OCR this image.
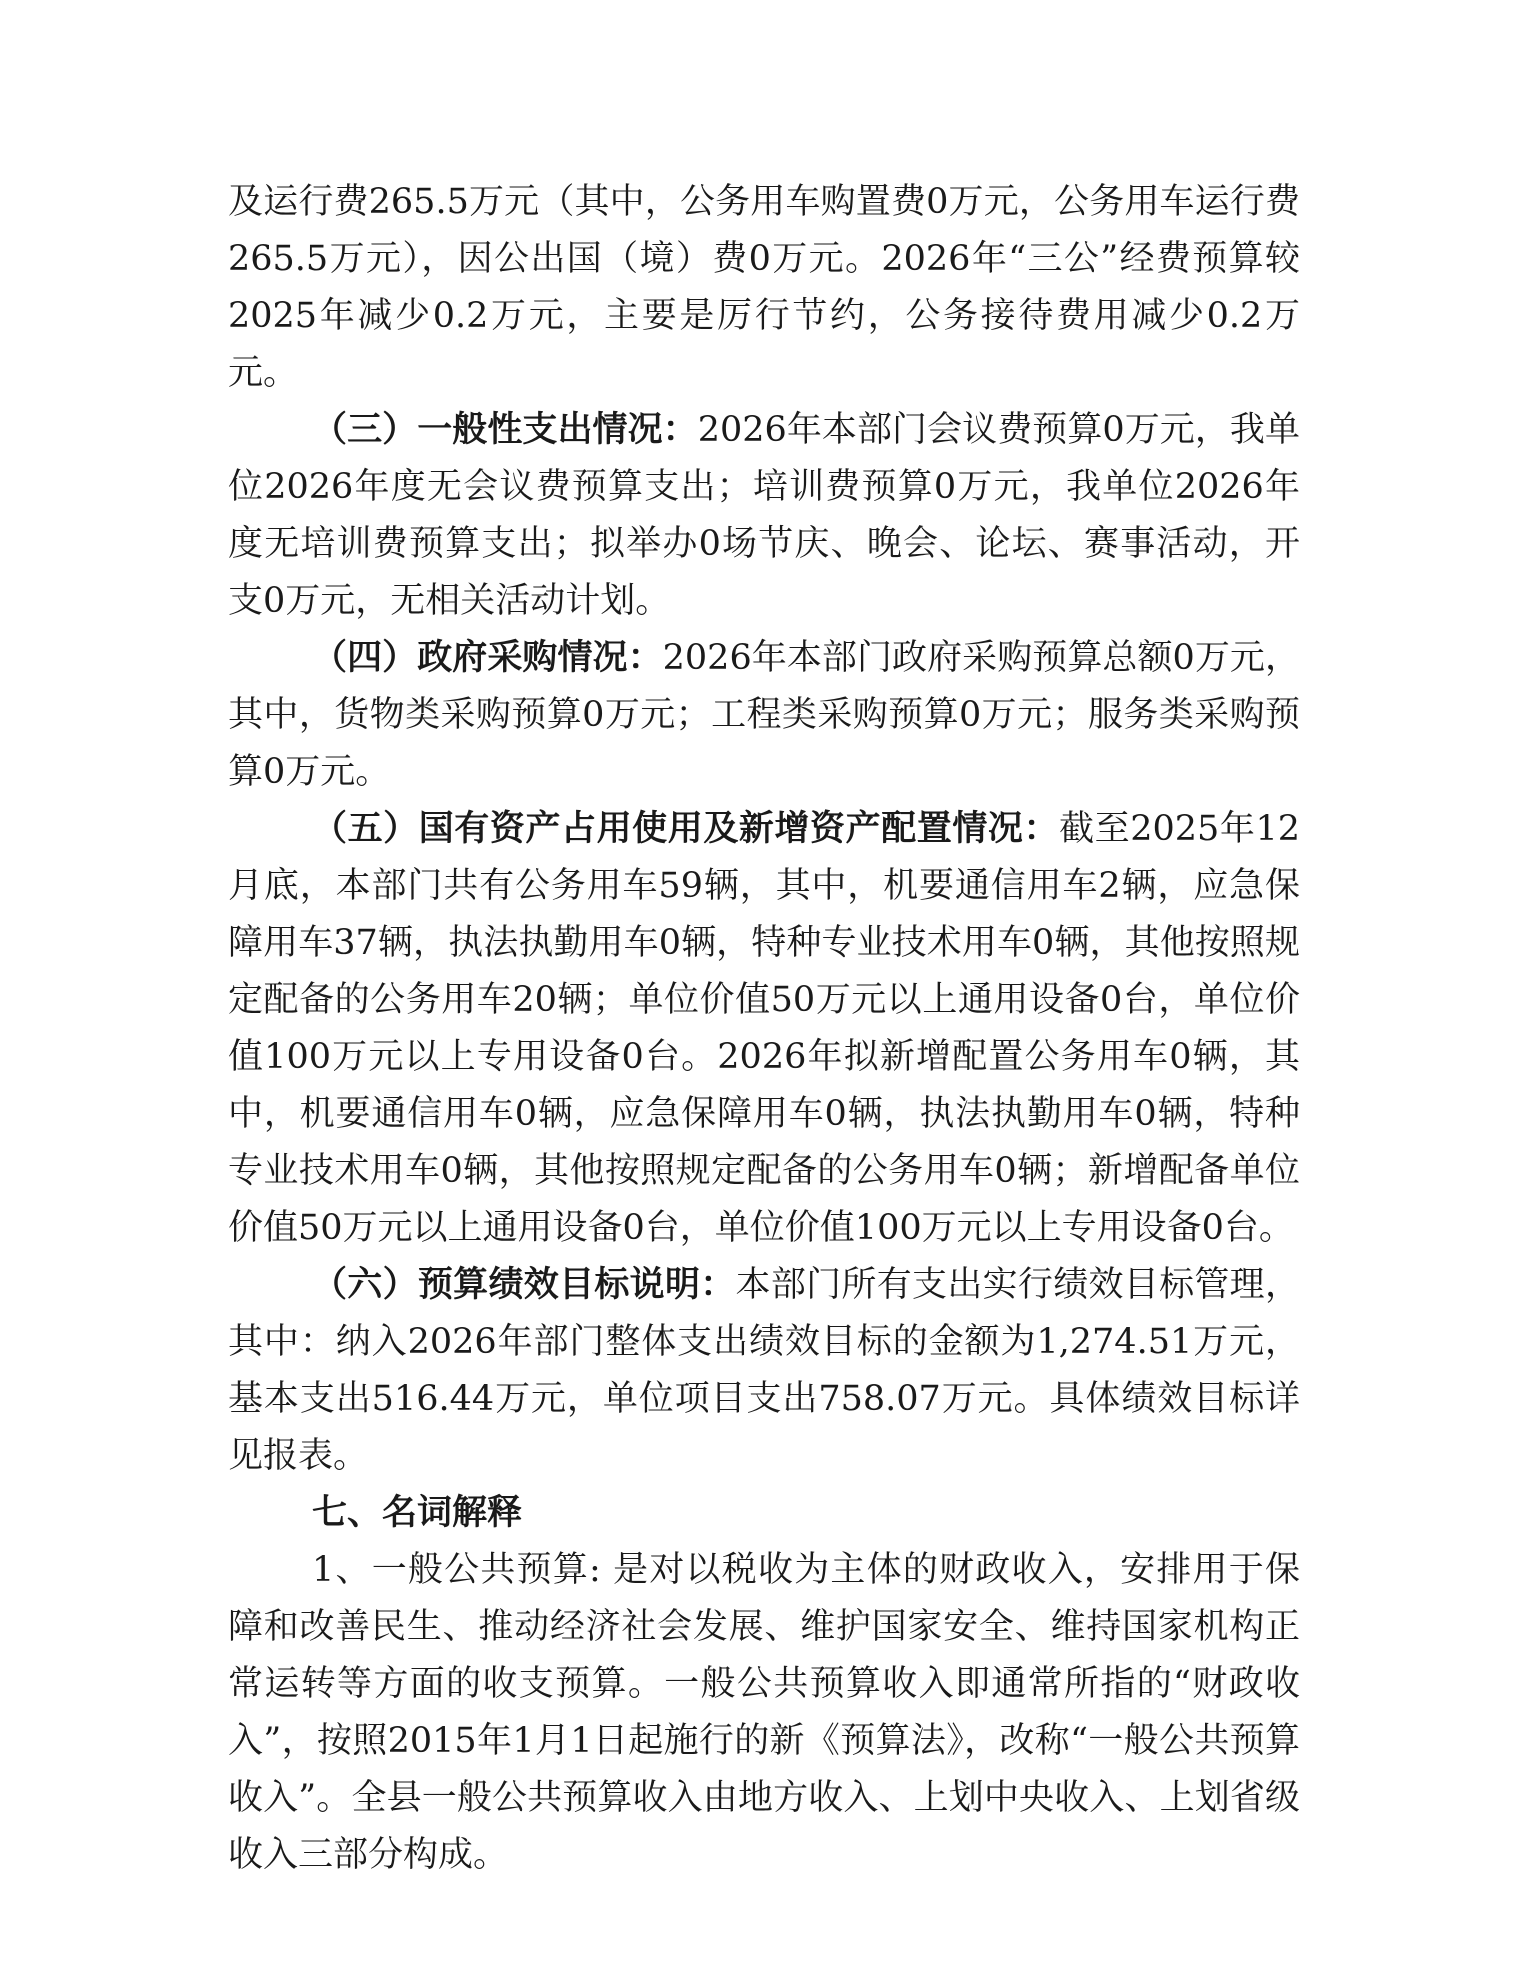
及运行费265.5万元（其中，公务用车购置费0万元，公务用车运行费265.5万元），因公出国（境）费0万元。2026年“三公”经费预算较2025年减少0.2万元，主要是厉行节约，公务接待费用减少0.2万元。

（三）一般性支出情况：2026年本部门会议费预算0万元，我单位2026年度无会议费预算支出；培训费预算0万元，我单位2026年度无培训费预算支出；拟举办0场节庆、晚会、论坛、赛事活动，开支0万元，无相关活动计划。

（四）政府采购情况：2026年本部门政府采购预算总额0万元，其中，货物类采购预算0万元；工程类采购预算0万元；服务类采购预算0万元。

（五）国有资产占用使用及新增资产配置情况：截至2025年12月底，本部门共有公务用车59辆，其中，机要通信用车2辆，应急保障用车37辆，执法执勤用车0辆，特种专业技术用车0辆，其他按照规定配备的公务用车20辆；单位价值50万元以上通用设备0台，单位价值100万元以上专用设备0台。2026年拟新增配置公务用车0辆，其中，机要通信用车0辆，应急保障用车0辆，执法执勤用车0辆，特种专业技术用车0辆，其他按照规定配备的公务用车0辆；新增配备单位价值50万元以上通用设备0台，单位价值100万元以上专用设备0台。

（六）预算绩效目标说明：本部门所有支出实行绩效目标管理，其中：纳入2026年部门整体支出绩效目标的金额为1,274.51万元，基本支出516.44万元，单位项目支出758.07万元。具体绩效目标详见报表。

七、名词解释

1、一般公共预算: 是对以税收为主体的财政收入，安排用于保障和改善民生、推动经济社会发展、维护国家安全、维持国家机构正常运转等方面的收支预算。一般公共预算收入即通常所指的“财政收入”，按照2015年1月1日起施行的新《预算法》，改称“一般公共预算收入”。全县一般公共预算收入由地方收入、上划中央收入、上划省级收入三部分构成。
